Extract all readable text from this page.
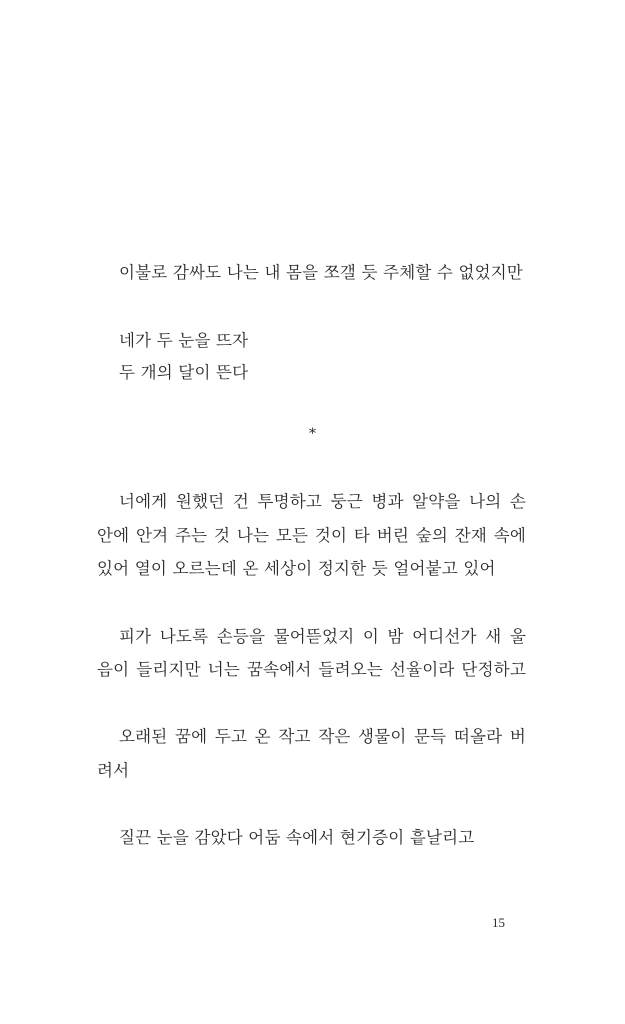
이불로 감싸도 나는 내 몸을 쪼갤 듯 주체할 수 없었지만
네가 두 눈을 뜨자
두 개의 달이 뜬다
*
너에게 원했던 건 투명하고 둥근 병과 알약을 나의 손
안에 안겨 주는 것 나는 모든 것이 타 버린 숲의 잔재 속에
있어 열이 오르는데 온 세상이 정지한 듯 얼어붙고 있어
피가 나도록 손등을 물어뜯었지 이 밤 어디선가 새 울
음이 들리지만 너는 꿈속에서 들려오는 선율이라 단정하고
오래된 꿈에 두고 온 작고 작은 생물이 문득 떠올라 버
려서
질끈 눈을 감았다 어둠 속에서 현기증이 흩날리고
15
